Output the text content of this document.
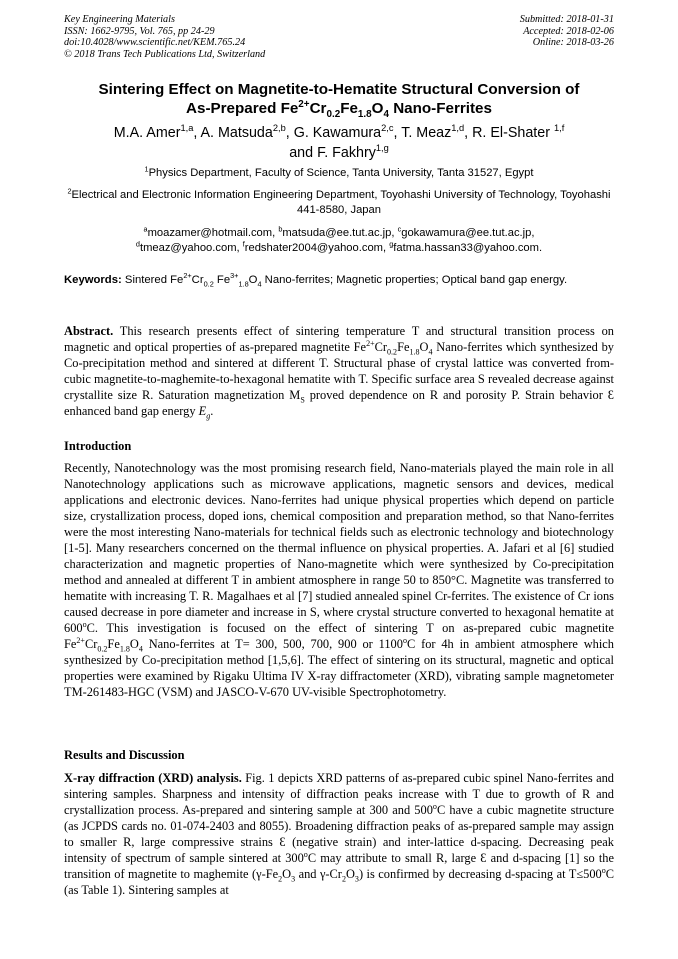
Key Engineering Materials
ISSN: 1662-9795, Vol. 765, pp 24-29
doi:10.4028/www.scientific.net/KEM.765.24
© 2018 Trans Tech Publications Ltd, Switzerland
Submitted: 2018-01-31
Accepted: 2018-02-06
Online: 2018-03-26
Sintering Effect on Magnetite-to-Hematite Structural Conversion of
As-Prepared $Fe^{2+}Cr_{0.2}Fe_{1.8}O_4$ Nano-Ferrites
M.A. Amer$^{1,a}$, A. Matsuda$^{2,b}$, G. Kawamura$^{2,c}$, T. Meaz$^{1,d}$, R. El-Shater $^{1,f}$
and F. Fakhry$^{1,g}$
$^1$Physics Department, Faculty of Science, Tanta University, Tanta 31527, Egypt
$^2$Electrical and Electronic Information Engineering Department, Toyohashi University of Technology, Toyohashi 441-8580, Japan
$^a$moazamer@hotmail.com, $^b$matsuda@ee.tut.ac.jp, $^c$gokawamura@ee.tut.ac.jp,
$^d$tmeaz@yahoo.com, $^f$redshater2004@yahoo.com, $^g$fatma.hassan33@yahoo.com.
Keywords: Sintered $Fe^{2+}Cr_{0.2}$ $Fe^{3+}_{1.8}O_4$ Nano-ferrites; Magnetic properties; Optical band gap energy.
Abstract. This research presents effect of sintering temperature T and structural transition process on magnetic and optical properties of as-prepared magnetite $Fe^{2+}Cr_{0.2}Fe_{1.8}O_4$ Nano-ferrites which synthesized by Co-precipitation method and sintered at different T. Structural phase of crystal lattice was converted from-cubic magnetite-to-maghemite-to-hexagonal hematite with T. Specific surface area S revealed decrease against crystallite size R. Saturation magnetization $M_S$ proved dependence on R and porosity P. Strain behavior Ɛ enhanced band gap energy $E_g$.
Introduction
Recently, Nanotechnology was the most promising research field, Nano-materials played the main role in all Nanotechnology applications such as microwave applications, magnetic sensors and devices, medical applications and electronic devices. Nano-ferrites had unique physical properties which depend on particle size, crystallization process, doped ions, chemical composition and preparation method, so that Nano-ferrites were the most interesting Nano-materials for technical fields such as electronic technology and biotechnology [1-5]. Many researchers concerned on the thermal influence on physical properties. A. Jafari et al [6] studied characterization and magnetic properties of Nano-magnetite which were synthesized by Co-precipitation method and annealed at different T in ambient atmosphere in range 50 to 850°C. Magnetite was transferred to hematite with increasing T. R. Magalhaes et al [7] studied annealed spinel Cr-ferrites. The existence of Cr ions caused decrease in pore diameter and increase in S, where crystal structure converted to hexagonal hematite at 600$^o$C. This investigation is focused on the effect of sintering T on as-prepared cubic magnetite $Fe^{2+}Cr_{0.2}Fe_{1.8}O_4$ Nano-ferrites at T= 300, 500, 700, 900 or 1100$^o$C for 4h in ambient atmosphere which synthesized by Co-precipitation method [1,5,6]. The effect of sintering on its structural, magnetic and optical properties were examined by Rigaku Ultima IV X-ray diffractometer (XRD), vibrating sample magnetometer TM-261483-HGC (VSM) and JASCO-V-670 UV-visible Spectrophotometry.
Results and Discussion
X-ray diffraction (XRD) analysis. Fig. 1 depicts XRD patterns of as-prepared cubic spinel Nano-ferrites and sintering samples. Sharpness and intensity of diffraction peaks increase with T due to growth of R and crystallization process. As-prepared and sintering sample at 300 and 500$^o$C have a cubic magnetite structure (as JCPDS cards no. 01-074-2403 and 8055). Broadening diffraction peaks of as-prepared sample may assign to smaller R, large compressive strains Ɛ (negative strain) and inter-lattice d-spacing. Decreasing peak intensity of spectrum of sample sintered at 300$^o$C may attribute to small R, large Ɛ and d-spacing [1] so the transition of magnetite to maghemite ($\gamma-Fe_2O_3$ and $\gamma-Cr_2O_3$) is confirmed by decreasing d-spacing at $T\le 500^oC$ (as Table 1). Sintering samples at
